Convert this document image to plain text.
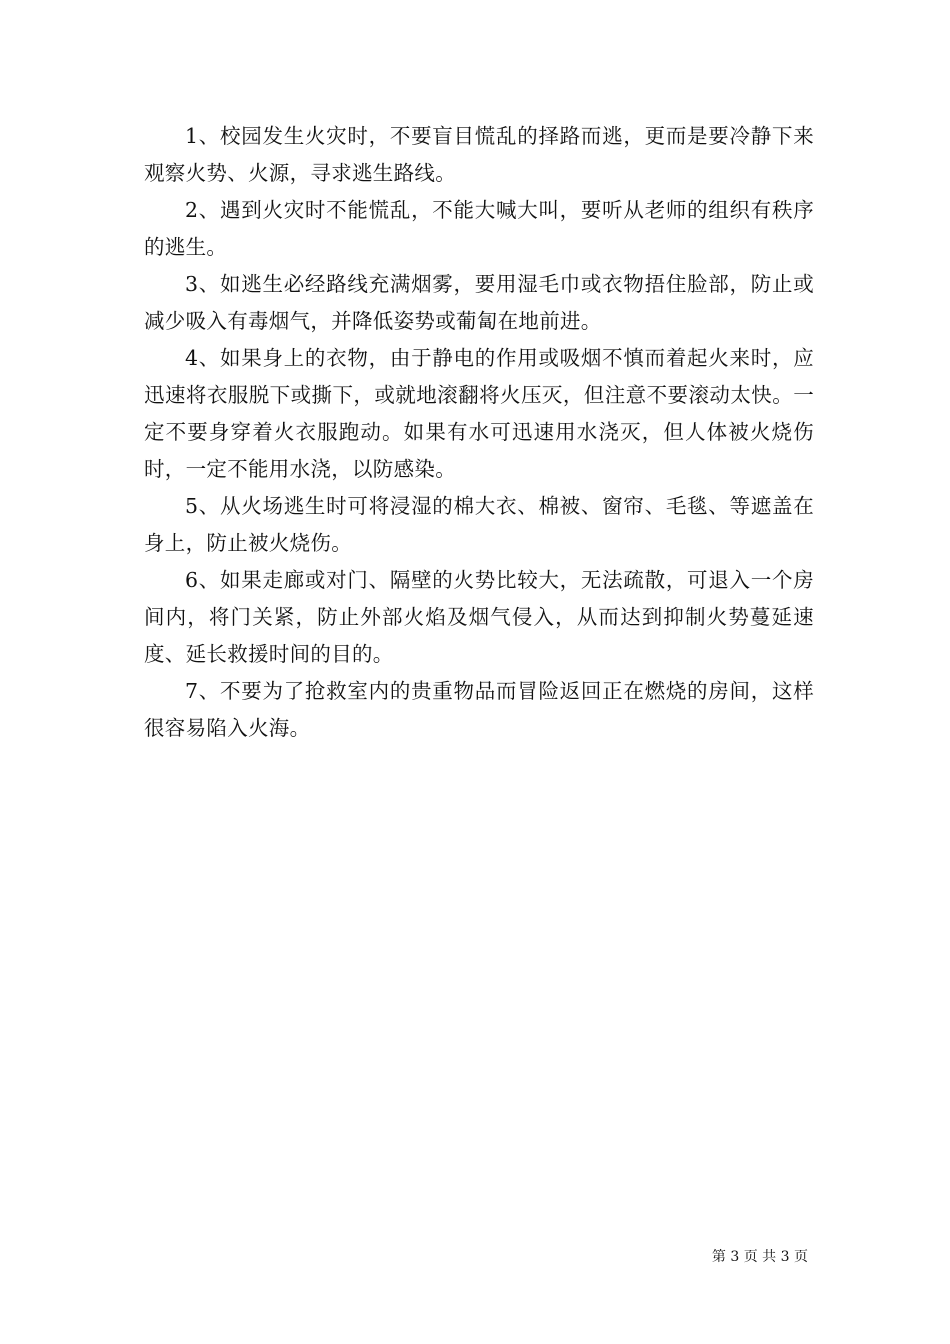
1、校园发生火灾时，不要盲目慌乱的择路而逃，更而是要冷静下来观察火势、火源，寻求逃生路线。

2、遇到火灾时不能慌乱，不能大喊大叫，要听从老师的组织有秩序的逃生。

3、如逃生必经路线充满烟雾，要用湿毛巾或衣物捂住脸部，防止或减少吸入有毒烟气，并降低姿势或葡匐在地前进。

4、如果身上的衣物，由于静电的作用或吸烟不慎而着起火来时，应迅速将衣服脱下或撕下，或就地滚翻将火压灭，但注意不要滚动太快。一定不要身穿着火衣服跑动。如果有水可迅速用水浇灭，但人体被火烧伤时，一定不能用水浇，以防感染。

5、从火场逃生时可将浸湿的棉大衣、棉被、窗帘、毛毯、等遮盖在身上，防止被火烧伤。

6、如果走廊或对门、隔壁的火势比较大，无法疏散，可退入一个房间内，将门关紧，防止外部火焰及烟气侵入，从而达到抑制火势蔓延速度、延长救援时间的目的。

7、不要为了抢救室内的贵重物品而冒险返回正在燃烧的房间，这样很容易陷入火海。

第 3 页 共 3 页
